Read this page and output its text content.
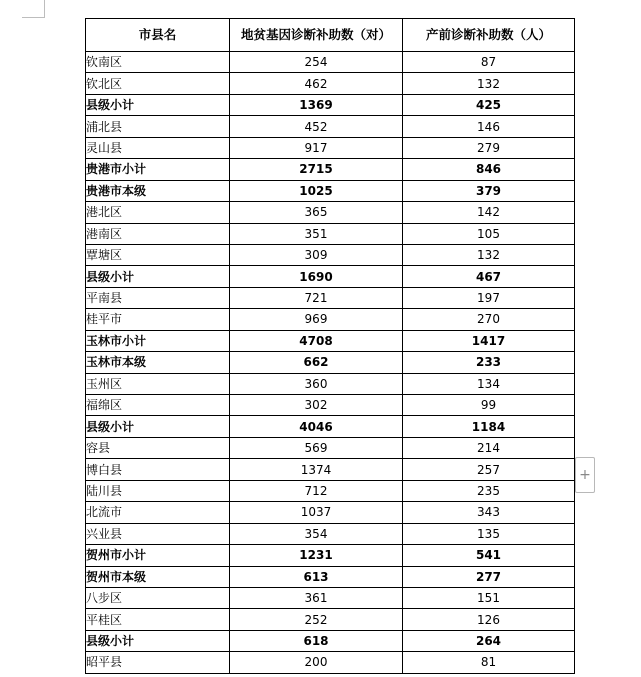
市县名	地贫基因诊断补助数（对）	产前诊断补助数（人）
钦南区	254	87
钦北区	462	132
县级小计	1369	425
浦北县	452	146
灵山县	917	279
贵港市小计	2715	846
贵港市本级	1025	379
港北区	365	142
港南区	351	105
覃塘区	309	132
县级小计	1690	467
平南县	721	197
桂平市	969	270
玉林市小计	4708	1417
玉林市本级	662	233
玉州区	360	134
福绵区	302	99
县级小计	4046	1184
容县	569	214
博白县	1374	257
陆川县	712	235
北流市	1037	343
兴业县	354	135
贺州市小计	1231	541
贺州市本级	613	277
八步区	361	151
平桂区	252	126
县级小计	618	264
昭平县	200	81
+
